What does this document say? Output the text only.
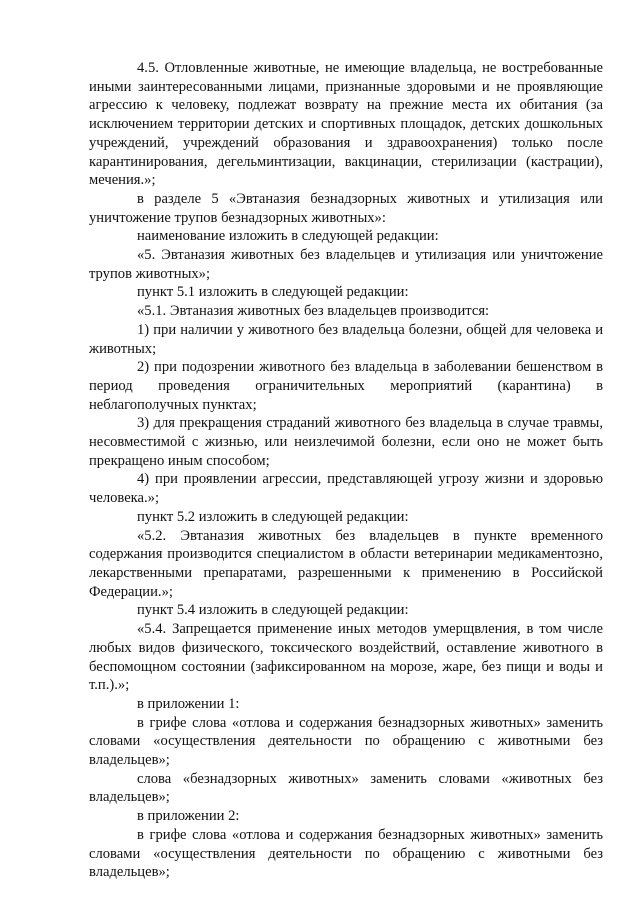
4.5. Отловленные животные, не имеющие владельца, не востребованные иными заинтересованными лицами, признанные здоровыми и не проявляющие агрессию к человеку, подлежат возврату на прежние места их обитания (за исключением территории детских и спортивных площадок, детских дошкольных учреждений, учреждений образования и здравоохранения) только после карантинирования, дегельминтизации, вакцинации, стерилизации (кастрации), мечения.»;

в разделе 5 «Эвтаназия безнадзорных животных и утилизация или уничтожение трупов безнадзорных животных»:

наименование изложить в следующей редакции:

«5. Эвтаназия животных без владельцев и утилизация или уничтожение трупов животных»;

пункт 5.1 изложить в следующей редакции:

«5.1. Эвтаназия животных без владельцев производится:

1) при наличии у животного без владельца болезни, общей для человека и животных;

2) при подозрении животного без владельца в заболевании бешенством в период проведения ограничительных мероприятий (карантина) в неблагополучных пунктах;

3) для прекращения страданий животного без владельца в случае травмы, несовместимой с жизнью, или неизлечимой болезни, если оно не может быть прекращено иным способом;

4) при проявлении агрессии, представляющей угрозу жизни и здоровью человека.»;

пункт 5.2 изложить в следующей редакции:

«5.2. Эвтаназия животных без владельцев в пункте временного содержания производится специалистом в области ветеринарии медикаментозно, лекарственными препаратами, разрешенными к применению в Российской Федерации.»;

пункт 5.4 изложить в следующей редакции:

«5.4. Запрещается применение иных методов умерщвления, в том числе любых видов физического, токсического воздействий, оставление животного в беспомощном состоянии (зафиксированном на морозе, жаре, без пищи и воды и т.п.).»;

в приложении 1:

в грифе слова «отлова и содержания безнадзорных животных» заменить словами «осуществления деятельности по обращению с животными без владельцев»;

слова «безнадзорных животных» заменить словами «животных без владельцев»;

в приложении 2:

в грифе слова «отлова и содержания безнадзорных животных» заменить словами «осуществления деятельности по обращению с животными без владельцев»;
